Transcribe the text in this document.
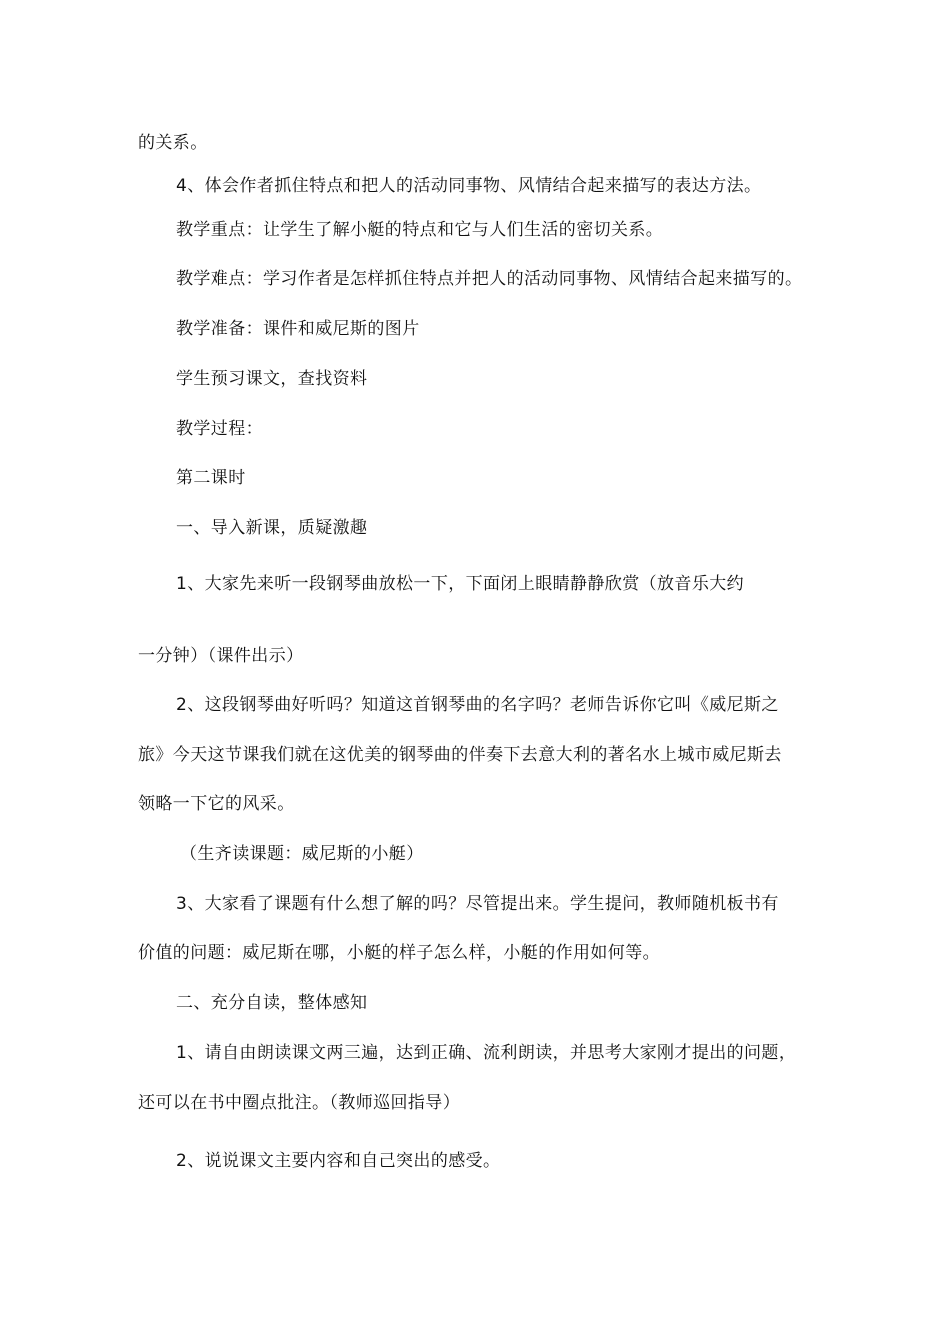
的关系。
4、体会作者抓住特点和把人的活动同事物、风情结合起来描写的表达方法。
教学重点：让学生了解小艇的特点和它与人们生活的密切关系。
教学难点：学习作者是怎样抓住特点并把人的活动同事物、风情结合起来描写的。
教学准备：课件和威尼斯的图片
学生预习课文，查找资料
教学过程：
第二课时
一、导入新课，质疑激趣
1、大家先来听一段钢琴曲放松一下，下面闭上眼睛静静欣赏（放音乐大约
一分钟）（课件出示）
2、这段钢琴曲好听吗？知道这首钢琴曲的名字吗？老师告诉你它叫《威尼斯之
旅》今天这节课我们就在这优美的钢琴曲的伴奏下去意大利的著名水上城市威尼斯去
领略一下它的风采。
（生齐读课题：威尼斯的小艇）
3、大家看了课题有什么想了解的吗？尽管提出来。学生提问，教师随机板书有
价值的问题：威尼斯在哪，小艇的样子怎么样，小艇的作用如何等。
二、充分自读，整体感知
1、请自由朗读课文两三遍，达到正确、流利朗读，并思考大家刚才提出的问题，
还可以在书中圈点批注。（教师巡回指导）
2、说说课文主要内容和自己突出的感受。
